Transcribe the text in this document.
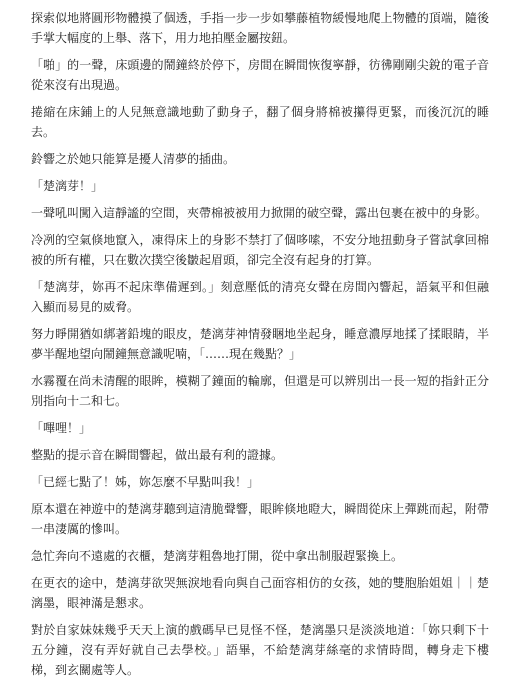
探索似地將圓形物體摸了個透，手指一步一步如攀藤植物緩慢地爬上物體的頂端，隨後手掌大幅度的上舉、落下，用力地拍壓金屬按鈕。

「啪」的一聲，床頭邊的鬧鐘終於停下，房間在瞬間恢復寧靜，彷彿剛剛尖銳的電子音從來沒有出現過。

捲縮在床鋪上的人兒無意識地動了動身子，翻了個身將棉被攥得更緊，而後沉沉的睡去。

鈴響之於她只能算是擾人清夢的插曲。

「楚漓芽！」

一聲吼叫闖入這靜謐的空間，夾帶棉被被用力掀開的破空聲，露出包裹在被中的身影。

冷冽的空氣倏地竄入，凍得床上的身影不禁打了個哆嗦，不安分地扭動身子嘗試拿回棉被的所有權，只在數次撲空後皺起眉頭，卻完全沒有起身的打算。

「楚漓芽，妳再不起床準備遲到。」刻意壓低的清亮女聲在房間內響起，語氣平和但融入顯而易見的威脅。

努力睜開猶如綁著鉛塊的眼皮，楚漓芽神情發睏地坐起身，睡意濃厚地揉了揉眼睛，半夢半醒地望向鬧鐘無意識呢喃，「……現在幾點？」

水霧覆在尚未清醒的眼眸，模糊了鐘面的輪廓，但還是可以辨別出一長一短的指針正分別指向十二和七。

「嗶哩！」

整點的提示音在瞬間響起，做出最有利的證據。

「已經七點了！姊，妳怎麼不早點叫我！」

原本還在神遊中的楚漓芽聽到這清脆聲響，眼眸倏地瞪大，瞬間從床上彈跳而起，附帶一串淒厲的慘叫。

急忙奔向不遠處的衣櫃，楚漓芽粗魯地打開，從中拿出制服趕緊換上。

在更衣的途中，楚漓芽欲哭無淚地看向與自己面容相仿的女孩，她的雙胞胎姐姐｜｜楚漓墨，眼神滿是懇求。

對於自家妹妹幾乎天天上演的戲碼早已見怪不怪，楚漓墨只是淡淡地道：「妳只剩下十五分鐘，沒有弄好就自己去學校。」語畢，不給楚漓芽絲毫的求情時間，轉身走下樓梯，到玄關處等人。
